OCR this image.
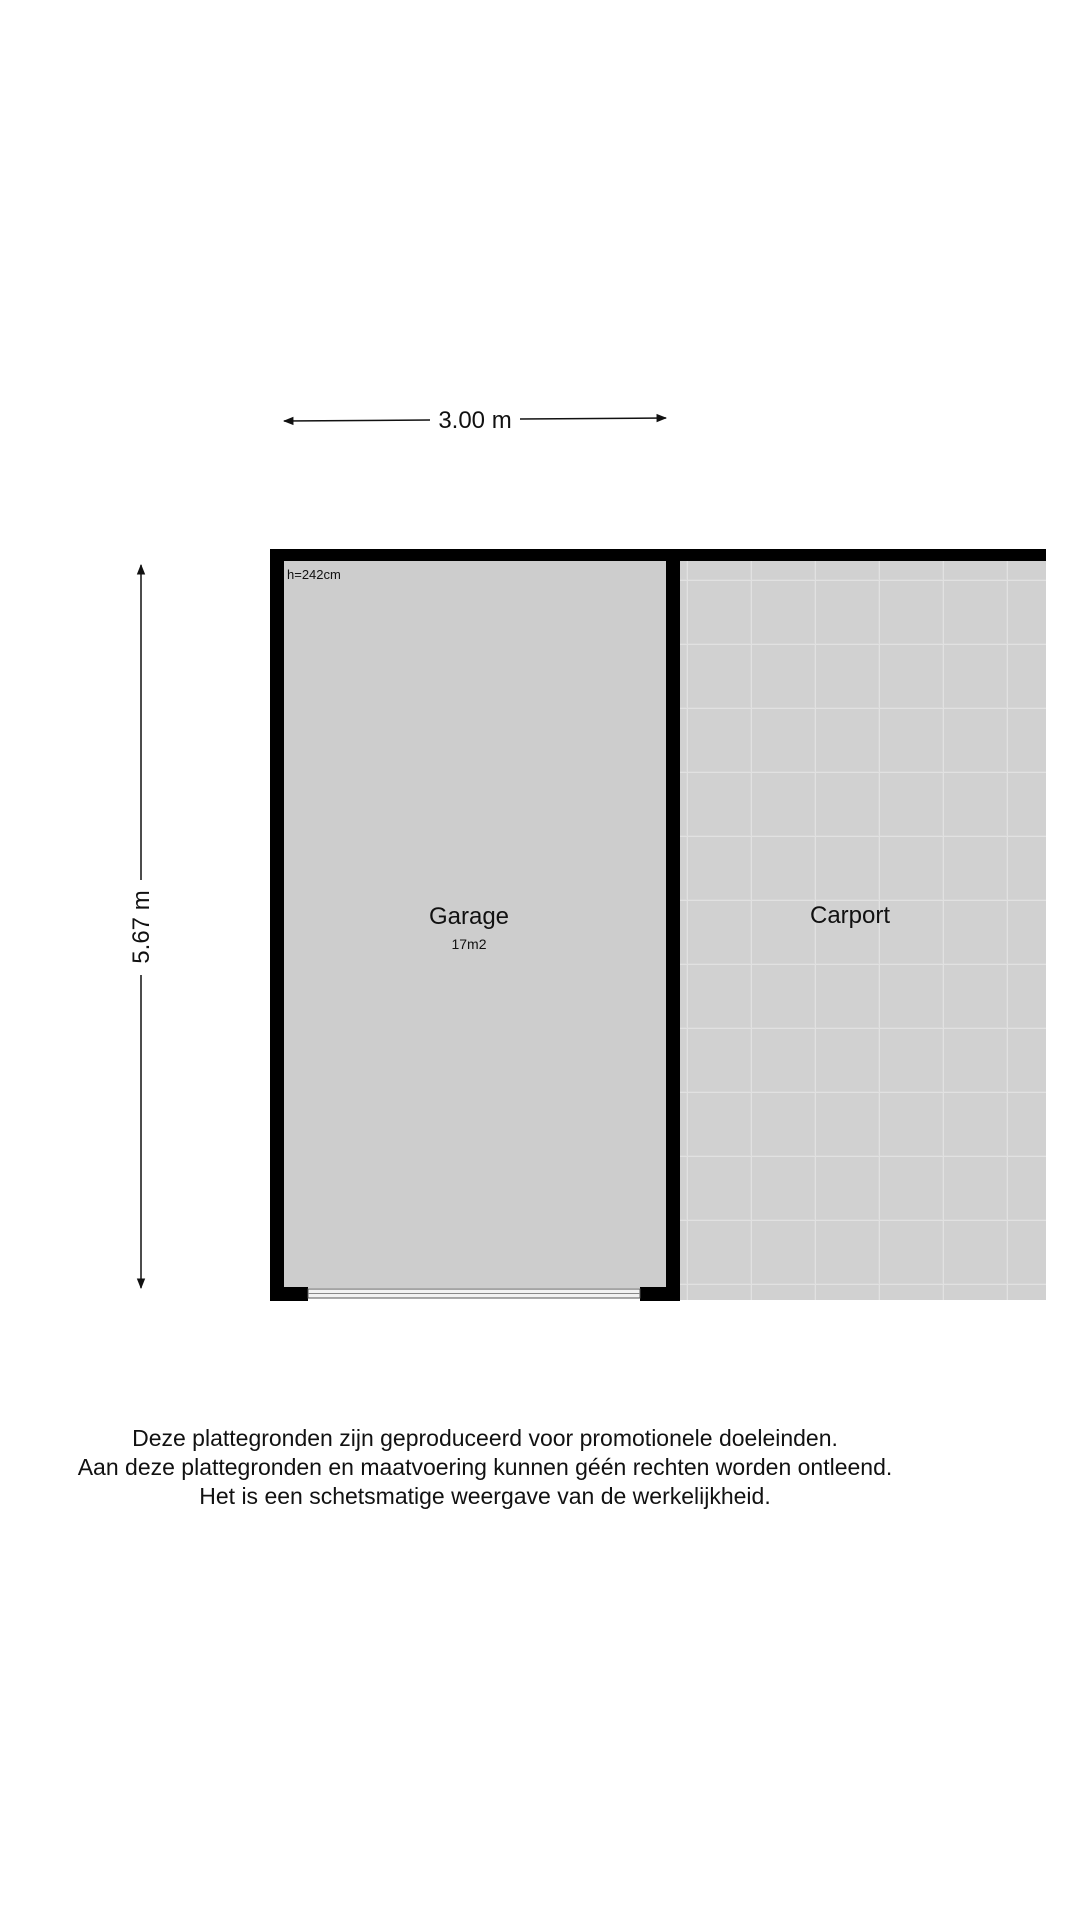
3.00 m
5.67 m
h=242cm
Garage
17m2
Carport
Deze plattegronden zijn geproduceerd voor promotionele doeleinden.
Aan deze plattegronden en maatvoering kunnen géén rechten worden ontleend.
Het is een schetsmatige weergave van de werkelijkheid.
